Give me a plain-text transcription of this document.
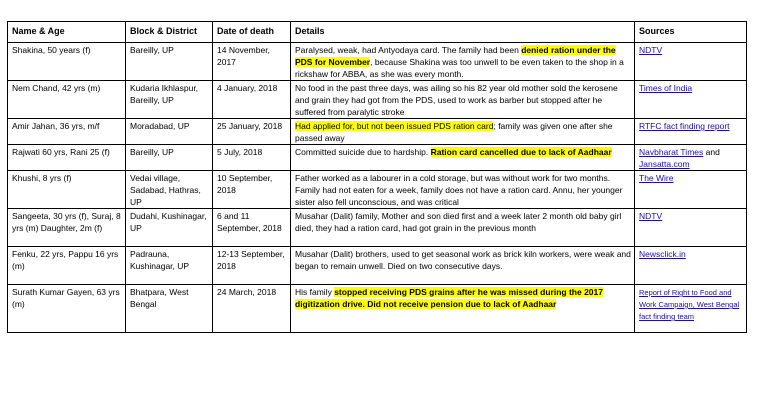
Name & Age	Block & District	Date of death	Details	Sources
Shakina, 50 years (f)	Bareilly, UP	14 November, 2017	Paralysed, weak, had Antyodaya card. The family had been denied ration under the PDS for November, because Shakina was too unwell to be even taken to the shop in a rickshaw for ABBA, as she was every month.	NDTV
Nem Chand, 42 yrs (m)	Kudaria Ikhlaspur, Bareilly, UP	4 January, 2018	No food in the past three days, was ailing so his 82 year old mother sold the kerosene and grain they had got from the PDS, used to work as barber but stopped after he suffered from paralytic stroke	Times of India
Amir Jahan, 36 yrs, m/f	Moradabad, UP	25 January, 2018	Had applied for, but not been issued PDS ration card; family was given one after she passed away	RTFC fact finding report
Rajwati 60 yrs, Rani 25 (f)	Bareilly, UP	5 July, 2018	Committed suicide due to hardship. Ration card cancelled due to lack of Aadhaar	Navbharat Times and Jansatta.com
Khushi, 8 yrs (f)	Vedai village, Sadabad, Hathras, UP	10 September, 2018	Father worked as a labourer in a cold storage, but was without work for two months. Family had not eaten for a week, family does not have a ration card. Annu, her younger sister also fell unconscious, and was critical	The Wire
Sangeeta, 30 yrs (f), Suraj, 8 yrs (m) Daughter, 2m (f)	Dudahi, Kushinagar, UP	6 and 11 September, 2018	Musahar (Dalit) family, Mother and son died first and a week later 2 month old baby girl died, they had a ration card, had got grain in the previous month	NDTV
Fenku, 22 yrs, Pappu 16 yrs (m)	Padrauna, Kushinagar, UP	12-13 September, 2018	Musahar (Dalit) brothers, used to get seasonal work as brick kiln workers, were weak and began to remain unwell. Died on two consecutive days.	Newsclick.in
Surath Kumar Gayen, 63 yrs (m)	Bhatpara, West Bengal	24 March, 2018	His family stopped receiving PDS grains after he was missed during the 2017 digitization drive. Did not receive pension due to lack of Aadhaar	Report of Right to Food and Work Campaign, West Bengal fact finding team
